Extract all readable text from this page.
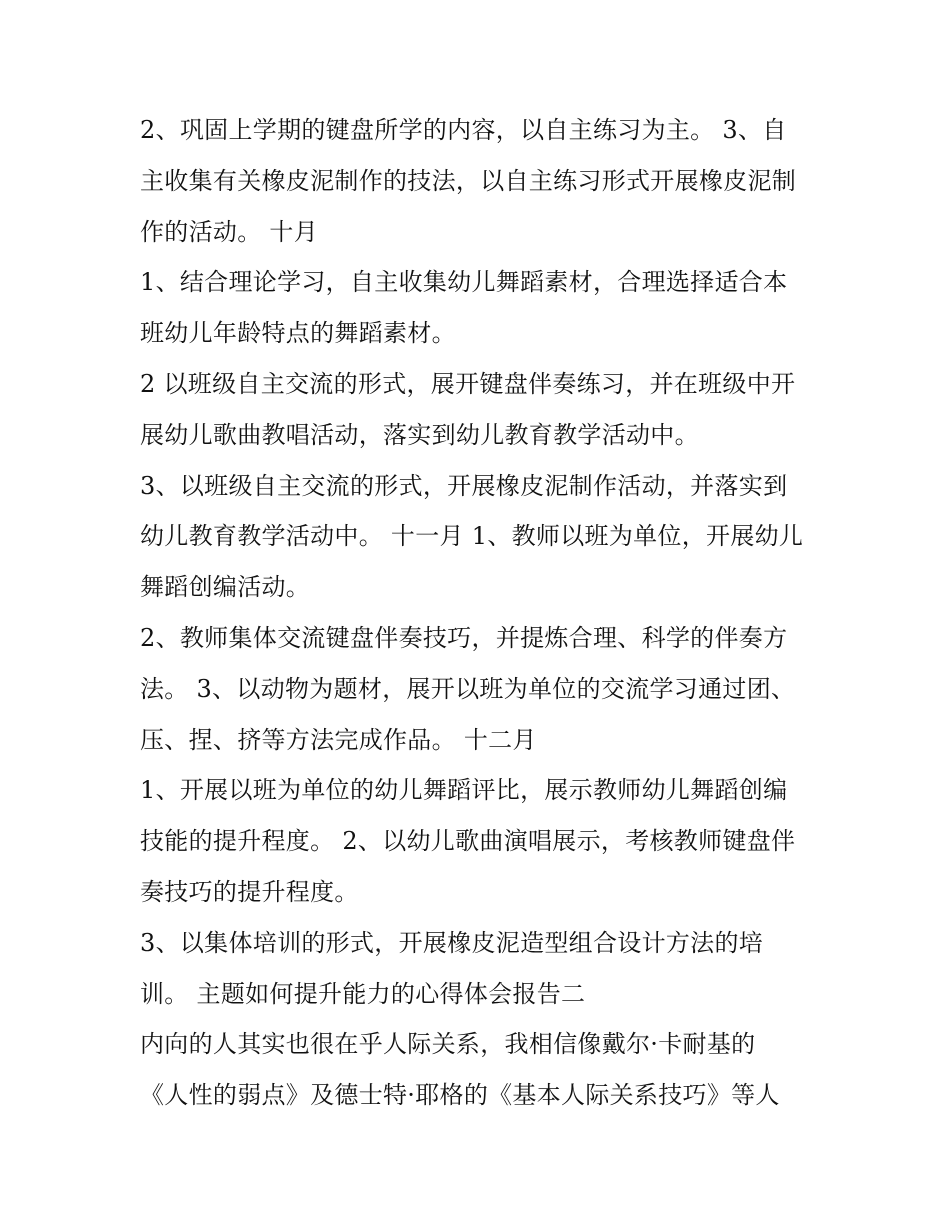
2、巩固上学期的键盘所学的内容，以自主练习为主。 3、自
主收集有关橡皮泥制作的技法，以自主练习形式开展橡皮泥制
作的活动。 十月
1、结合理论学习，自主收集幼儿舞蹈素材，合理选择适合本
班幼儿年龄特点的舞蹈素材。
2 以班级自主交流的形式，展开键盘伴奏练习，并在班级中开
展幼儿歌曲教唱活动，落实到幼儿教育教学活动中。
3、以班级自主交流的形式，开展橡皮泥制作活动，并落实到
幼儿教育教学活动中。 十一月 1、教师以班为单位，开展幼儿
舞蹈创编活动。
2、教师集体交流键盘伴奏技巧，并提炼合理、科学的伴奏方
法。 3、以动物为题材，展开以班为单位的交流学习通过团、
压、捏、挤等方法完成作品。 十二月
1、开展以班为单位的幼儿舞蹈评比，展示教师幼儿舞蹈创编
技能的提升程度。 2、以幼儿歌曲演唱展示，考核教师键盘伴
奏技巧的提升程度。
3、以集体培训的形式，开展橡皮泥造型组合设计方法的培
训。 主题如何提升能力的心得体会报告二
内向的人其实也很在乎人际关系，我相信像戴尔·卡耐基的
《人性的弱点》及德士特·耶格的《基本人际关系技巧》等人
